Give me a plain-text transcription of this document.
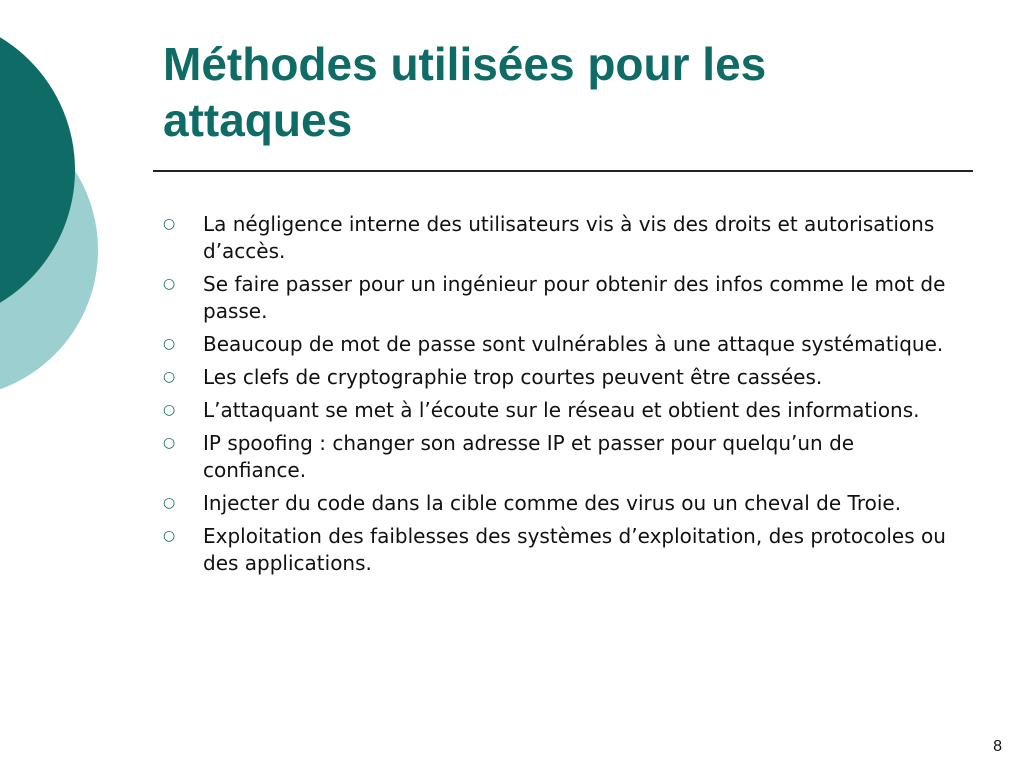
Méthodes utilisées pour les attaques
○	La négligence interne des utilisateurs vis à vis des droits et autorisations d’accès.
○	Se faire passer pour un ingénieur pour obtenir des infos comme le mot de passe.
○	Beaucoup de mot de passe sont vulnérables à une attaque systématique.
○	Les clefs de cryptographie trop courtes peuvent être cassées.
○	L’attaquant se met à l’écoute sur le réseau et obtient des informations.
○	IP spoofing : changer son adresse IP et passer pour quelqu’un de confiance.
○	Injecter du code dans la cible comme des virus ou un cheval de Troie.
○	Exploitation des faiblesses des systèmes d’exploitation, des protocoles ou des applications.
8
